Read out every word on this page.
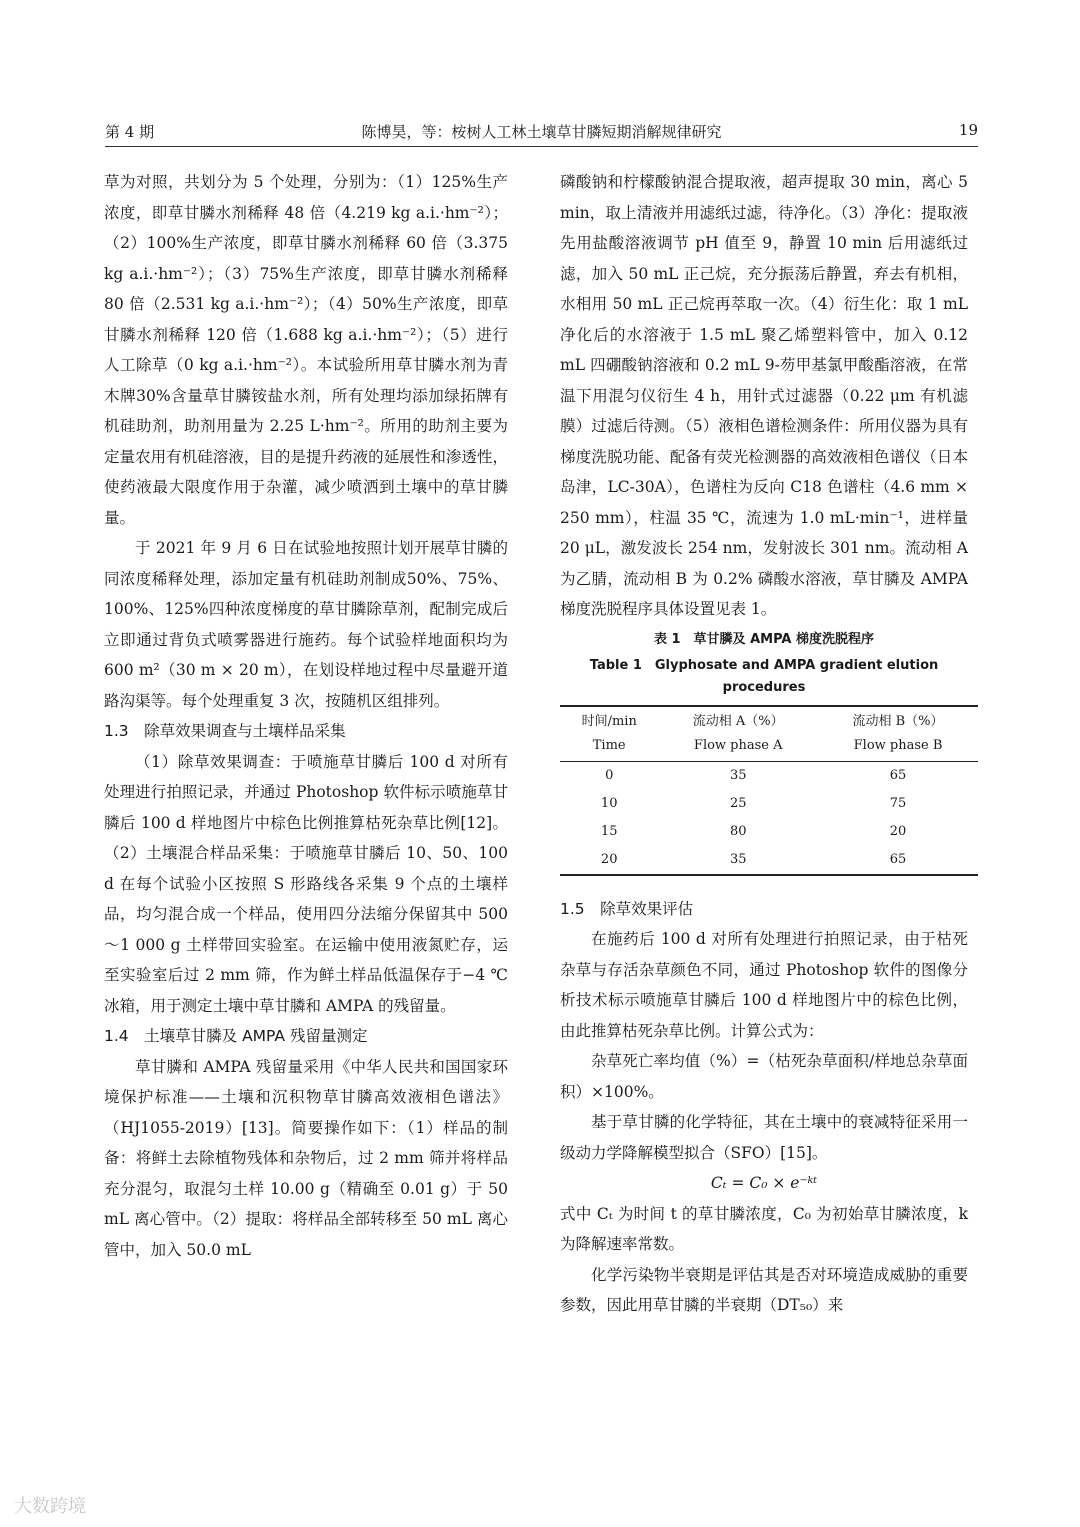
第 4 期	陈博昊，等：桉树人工林土壤草甘膦短期消解规律研究	19

草为对照，共划分为 5 个处理，分别为：（1）125%生产浓度，即草甘膦水剂稀释 48 倍（4.219 kg a.i.·hm⁻²）；（2）100%生产浓度，即草甘膦水剂稀释 60 倍（3.375 kg a.i.·hm⁻²）；（3）75%生产浓度，即草甘膦水剂稀释 80 倍（2.531 kg a.i.·hm⁻²）；（4）50%生产浓度，即草甘膦水剂稀释 120 倍（1.688 kg a.i.·hm⁻²）；（5）进行人工除草（0 kg a.i.·hm⁻²）。本试验所用草甘膦水剂为青木牌30%含量草甘膦铵盐水剂，所有处理均添加绿拓牌有机硅助剂，助剂用量为 2.25 L·hm⁻²。所用的助剂主要为定量农用有机硅溶液，目的是提升药液的延展性和渗透性，使药液最大限度作用于杂灌，减少喷洒到土壤中的草甘膦量。

于 2021 年 9 月 6 日在试验地按照计划开展草甘膦的同浓度稀释处理，添加定量有机硅助剂制成50%、75%、100%、125%四种浓度梯度的草甘膦除草剂，配制完成后立即通过背负式喷雾器进行施药。每个试验样地面积均为 600 m²（30 m × 20 m），在划设样地过程中尽量避开道路沟渠等。每个处理重复 3 次，按随机区组排列。

1.3　除草效果调查与土壤样品采集

（1）除草效果调查：于喷施草甘膦后 100 d 对所有处理进行拍照记录，并通过 Photoshop 软件标示喷施草甘膦后 100 d 样地图片中棕色比例推算枯死杂草比例[12]。（2）土壤混合样品采集：于喷施草甘膦后 10、50、100 d 在每个试验小区按照 S 形路线各采集 9 个点的土壤样品，均匀混合成一个样品，使用四分法缩分保留其中 500～1 000 g 土样带回实验室。在运输中使用液氮贮存，运至实验室后过 2 mm 筛，作为鲜土样品低温保存于−4 ℃冰箱，用于测定土壤中草甘膦和 AMPA 的残留量。

1.4　土壤草甘膦及 AMPA 残留量测定

草甘膦和 AMPA 残留量采用《中华人民共和国国家环境保护标准——土壤和沉积物草甘膦高效液相色谱法》（HJ1055-2019）[13]。简要操作如下：（1）样品的制备：将鲜土去除植物残体和杂物后，过 2 mm 筛并将样品充分混匀，取混匀土样 10.00 g（精确至 0.01 g）于 50 mL 离心管中。（2）提取：将样品全部转移至 50 mL 离心管中，加入 50.0 mL

磷酸钠和柠檬酸钠混合提取液，超声提取 30 min，离心 5 min，取上清液并用滤纸过滤，待净化。（3）净化：提取液先用盐酸溶液调节 pH 值至 9，静置 10 min 后用滤纸过滤，加入 50 mL 正己烷，充分振荡后静置，弃去有机相，水相用 50 mL 正己烷再萃取一次。（4）衍生化：取 1 mL 净化后的水溶液于 1.5 mL 聚乙烯塑料管中，加入 0.12 mL 四硼酸钠溶液和 0.2 mL 9-芴甲基氯甲酸酯溶液，在常温下用混匀仪衍生 4 h，用针式过滤器（0.22 μm 有机滤膜）过滤后待测。（5）液相色谱检测条件：所用仪器为具有梯度洗脱功能、配备有荧光检测器的高效液相色谱仪（日本岛津，LC-30A），色谱柱为反向 C18 色谱柱（4.6 mm × 250 mm），柱温 35 ℃，流速为 1.0 mL·min⁻¹，进样量 20 μL，激发波长 254 nm，发射波长 301 nm。流动相 A 为乙腈，流动相 B 为 0.2% 磷酸水溶液，草甘膦及 AMPA 梯度洗脱程序具体设置见表 1。

表 1　草甘膦及 AMPA 梯度洗脱程序
Table 1　Glyphosate and AMPA gradient elution procedures
时间/min	流动相 A（%）	流动相 B（%）
Time	Flow phase A	Flow phase B
0	35	65
10	25	75
15	80	20
20	35	65
1.5　除草效果评估

在施药后 100 d 对所有处理进行拍照记录，由于枯死杂草与存活杂草颜色不同，通过 Photoshop 软件的图像分析技术标示喷施草甘膦后 100 d 样地图片中的棕色比例，由此推算枯死杂草比例。计算公式为：

杂草死亡率均值（%）=（枯死杂草面积/样地总杂草面积）×100%。

基于草甘膦的化学特征，其在土壤中的衰减特征采用一级动力学降解模型拟合（SFO）[15]。

Cₜ = C₀ × e⁻ᵏᵗ

式中 Cₜ 为时间 t 的草甘膦浓度，C₀ 为初始草甘膦浓度，k 为降解速率常数。

化学污染物半衰期是评估其是否对环境造成威胁的重要参数，因此用草甘膦的半衰期（DT₅₀）来

大数跨境
